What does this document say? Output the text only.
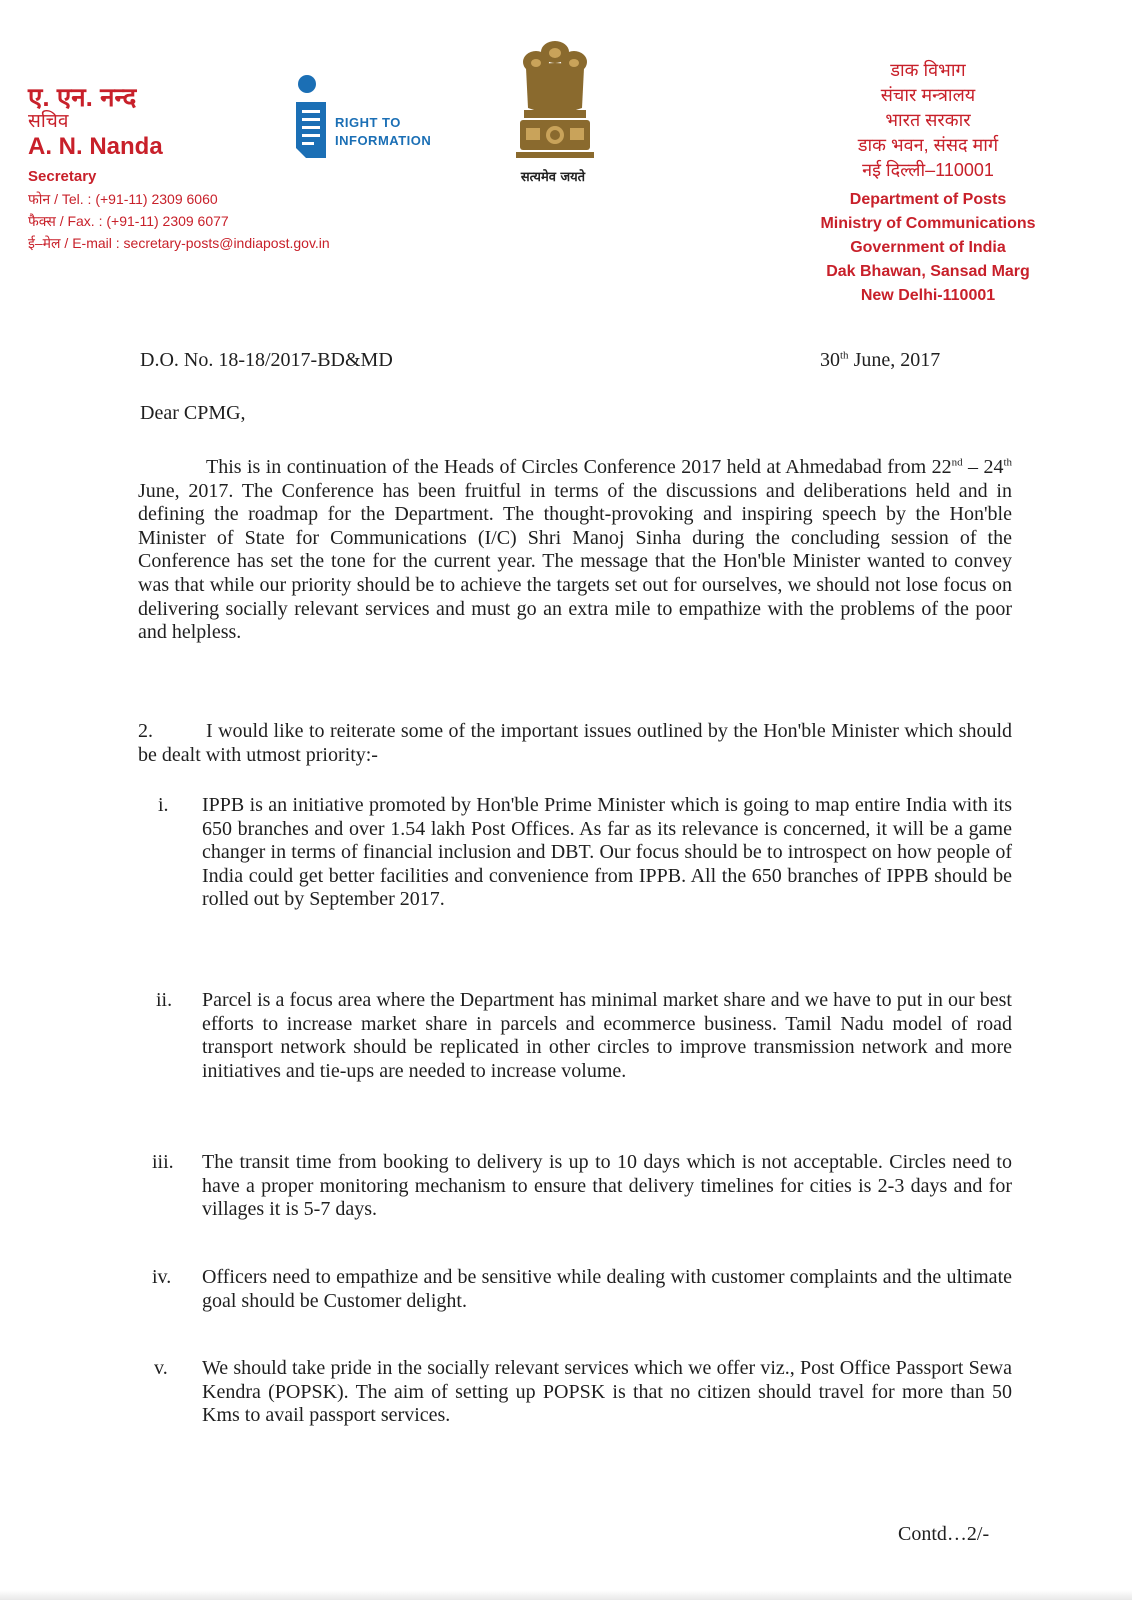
ए. एन. नन्द
सचिव
A. N. Nanda
Secretary
फोन / Tel. : (+91-11) 2309 6060
फैक्स / Fax. : (+91-11) 2309 6077
ई–मेल / E-mail : secretary-posts@indiapost.gov.in
RIGHT TO
INFORMATION
सत्यमेव जयते
डाक विभाग
संचार मन्त्रालय
भारत सरकार
डाक भवन, संसद मार्ग
नई दिल्ली–110001
Department of Posts
Ministry of Communications
Government of India
Dak Bhawan, Sansad Marg
New Delhi-110001
D.O. No. 18-18/2017-BD&MD	30th June, 2017
Dear CPMG,
This is in continuation of the Heads of Circles Conference 2017 held at Ahmedabad from 22nd – 24th June, 2017. The Conference has been fruitful in terms of the discussions and deliberations held and in defining the roadmap for the Department. The thought-provoking and inspiring speech by the Hon'ble Minister of State for Communications (I/C) Shri Manoj Sinha during the concluding session of the Conference has set the tone for the current year. The message that the Hon'ble Minister wanted to convey was that while our priority should be to achieve the targets set out for ourselves, we should not lose focus on delivering socially relevant services and must go an extra mile to empathize with the problems of the poor and helpless.
2.	I would like to reiterate some of the important issues outlined by the Hon'ble Minister which should be dealt with utmost priority:-
i.	IPPB is an initiative promoted by Hon'ble Prime Minister which is going to map entire India with its 650 branches and over 1.54 lakh Post Offices. As far as its relevance is concerned, it will be a game changer in terms of financial inclusion and DBT. Our focus should be to introspect on how people of India could get better facilities and convenience from IPPB. All the 650 branches of IPPB should be rolled out by September 2017.
ii.	Parcel is a focus area where the Department has minimal market share and we have to put in our best efforts to increase market share in parcels and ecommerce business. Tamil Nadu model of road transport network should be replicated in other circles to improve transmission network and more initiatives and tie-ups are needed to increase volume.
iii.	The transit time from booking to delivery is up to 10 days which is not acceptable. Circles need to have a proper monitoring mechanism to ensure that delivery timelines for cities is 2-3 days and for villages it is 5-7 days.
iv.	Officers need to empathize and be sensitive while dealing with customer complaints and the ultimate goal should be Customer delight.
v.	We should take pride in the socially relevant services which we offer viz., Post Office Passport Sewa Kendra (POPSK). The aim of setting up POPSK is that no citizen should travel for more than 50 Kms to avail passport services.
Contd…2/-
